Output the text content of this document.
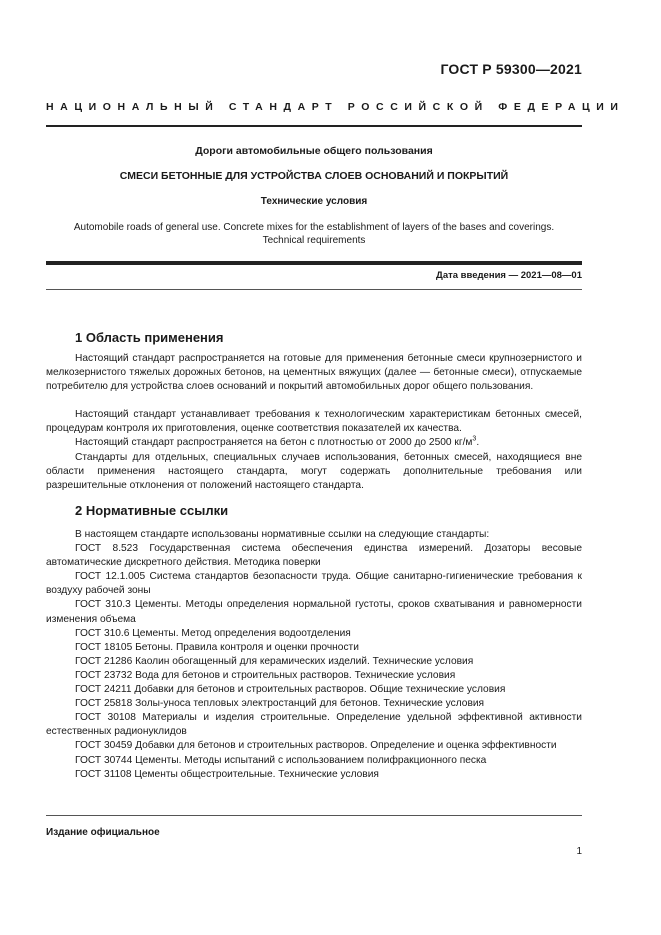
ГОСТ Р 59300—2021
НАЦИОНАЛЬНЫЙ СТАНДАРТ РОССИЙСКОЙ ФЕДЕРАЦИИ
Дороги автомобильные общего пользования
СМЕСИ БЕТОННЫЕ ДЛЯ УСТРОЙСТВА СЛОЕВ ОСНОВАНИЙ И ПОКРЫТИЙ
Технические условия
Automobile roads of general use. Concrete mixes for the establishment of layers of the bases and coverings.
Technical requirements
Дата введения — 2021—08—01
1 Область применения
Настоящий стандарт распространяется на готовые для применения бетонные смеси крупнозернистого и мелкозернистого тяжелых дорожных бетонов, на цементных вяжущих (далее — бетонные смеси), отпускаемые потребителю для устройства слоев оснований и покрытий автомобильных дорог общего пользования.
Настоящий стандарт устанавливает требования к технологическим характеристикам бетонных смесей, процедурам контроля их приготовления, оценке соответствия показателей их качества.
Настоящий стандарт распространяется на бетон с плотностью от 2000 до 2500 $кг/м^3$.
Стандарты для отдельных, специальных случаев использования, бетонных смесей, находящиеся вне области применения настоящего стандарта, могут содержать дополнительные требования или разрешительные отклонения от положений настоящего стандарта.
2 Нормативные ссылки

В настоящем стандарте использованы нормативные ссылки на следующие стандарты:

ГОСТ 8.523 Государственная система обеспечения единства измерений. Дозаторы весовые автоматические дискретного действия. Методика поверки

ГОСТ 12.1.005 Система стандартов безопасности труда. Общие санитарно-гигиенические требования к воздуху рабочей зоны

ГОСТ 310.3 Цементы. Методы определения нормальной густоты, сроков схватывания и равномерности изменения объема

ГОСТ 310.6 Цементы. Метод определения водоотделения

ГОСТ 18105 Бетоны. Правила контроля и оценки прочности

ГОСТ 21286 Каолин обогащенный для керамических изделий. Технические условия

ГОСТ 23732 Вода для бетонов и строительных растворов. Технические условия

ГОСТ 24211 Добавки для бетонов и строительных растворов. Общие технические условия

ГОСТ 25818 Золы-уноса тепловых электростанций для бетонов. Технические условия

ГОСТ 30108 Материалы и изделия строительные. Определение удельной эффективной активности естественных радионуклидов

ГОСТ 30459 Добавки для бетонов и строительных растворов. Определение и оценка эффективности

ГОСТ 30744 Цементы. Методы испытаний с использованием полифракционного песка

ГОСТ 31108 Цементы общестроительные. Технические условия

Издание официальное
1
